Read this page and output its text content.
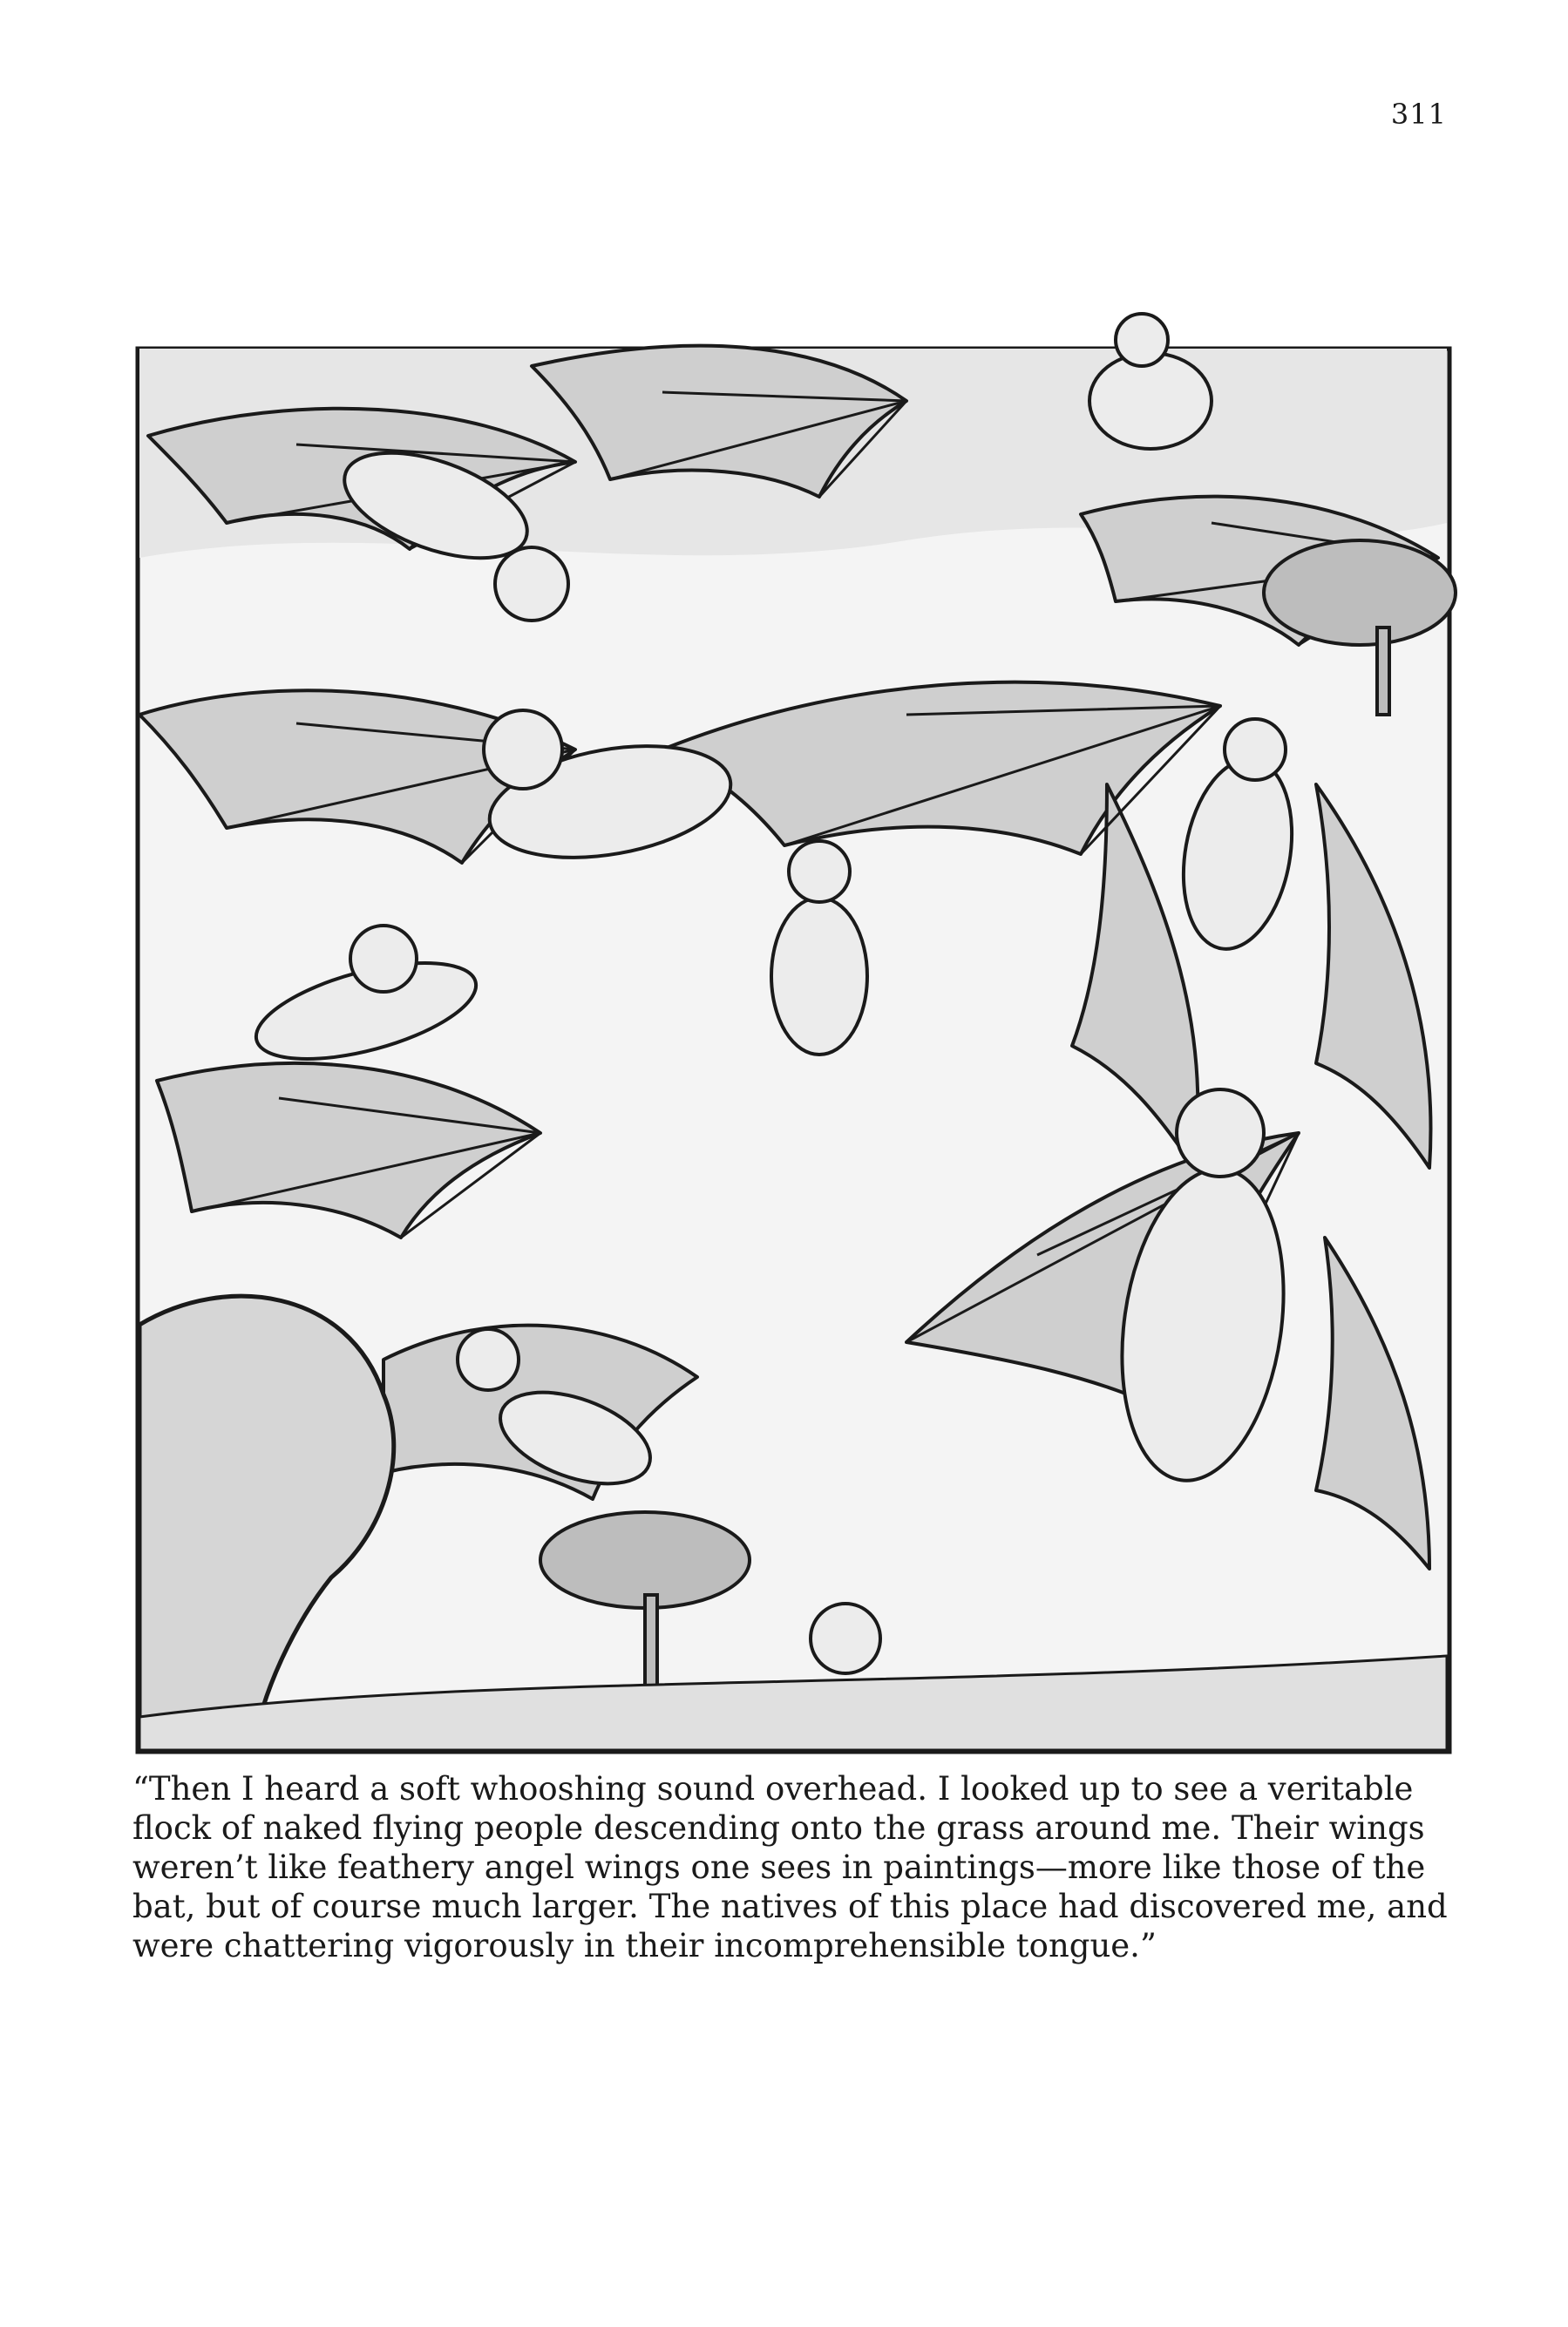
311
“Then I heard a soft whooshing sound overhead. I looked up to see a veritable flock of naked flying people descending onto the grass around me. Their wings weren’t like feathery angel wings one sees in paintings—more like those of the bat, but of course much larger. The natives of this place had discovered me, and were chattering vigorously in their incomprehensible tongue.”
